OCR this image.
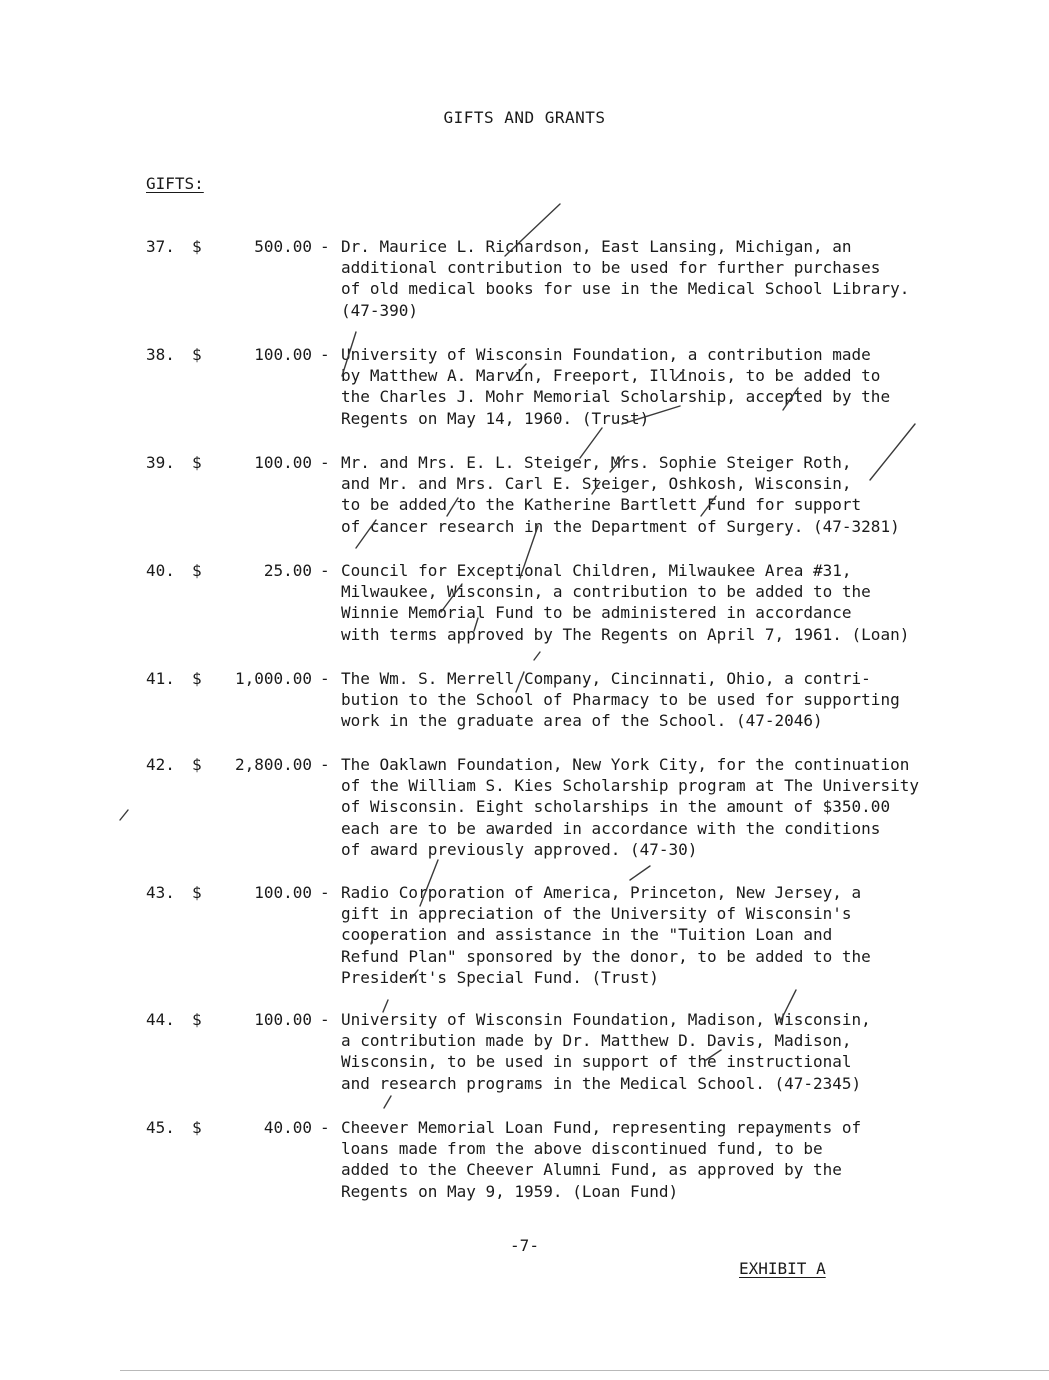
GIFTS AND GRANTS
GIFTS:
37.	$	500.00 - Dr. Maurice L. Richardson, East Lansing, Michigan, an
additional contribution to be used for further purchases
of old medical books for use in the Medical School Library.
(47-390)
38.	$	100.00 - University of Wisconsin Foundation, a contribution made
by Matthew A. Marvin, Freeport, Illinois, to be added to
the Charles J. Mohr Memorial Scholarship, accepted by the
Regents on May 14, 1960. (Trust)
39.	$	100.00 - Mr. and Mrs. E. L. Steiger, Mrs. Sophie Steiger Roth,
and Mr. and Mrs. Carl E. Steiger, Oshkosh, Wisconsin,
to be added to the Katherine Bartlett Fund for support
of cancer research in the Department of Surgery. (47-3281)
40.	$	25.00 - Council for Exceptional Children, Milwaukee Area #31,
Milwaukee, Wisconsin, a contribution to be added to the
Winnie Memorial Fund to be administered in accordance
with terms approved by The Regents on April 7, 1961. (Loan)
41.	$	1,000.00 - The Wm. S. Merrell Company, Cincinnati, Ohio, a contri-
bution to the School of Pharmacy to be used for supporting
work in the graduate area of the School. (47-2046)
42.	$	2,800.00 - The Oaklawn Foundation, New York City, for the continuation
of the William S. Kies Scholarship program at The University
of Wisconsin. Eight scholarships in the amount of $350.00
each are to be awarded in accordance with the conditions
of award previously approved. (47-30)
43.	$	100.00 - Radio Corporation of America, Princeton, New Jersey, a
gift in appreciation of the University of Wisconsin's
cooperation and assistance in the "Tuition Loan and
Refund Plan" sponsored by the donor, to be added to the
President's Special Fund. (Trust)
44.	$	100.00 - University of Wisconsin Foundation, Madison, Wisconsin,
a contribution made by Dr. Matthew D. Davis, Madison,
Wisconsin, to be used in support of the instructional
and research programs in the Medical School. (47-2345)
45.	$	40.00 - Cheever Memorial Loan Fund, representing repayments of
loans made from the above discontinued fund, to be
added to the Cheever Alumni Fund, as approved by the
Regents on May 9, 1959. (Loan Fund)
-7-
EXHIBIT A
